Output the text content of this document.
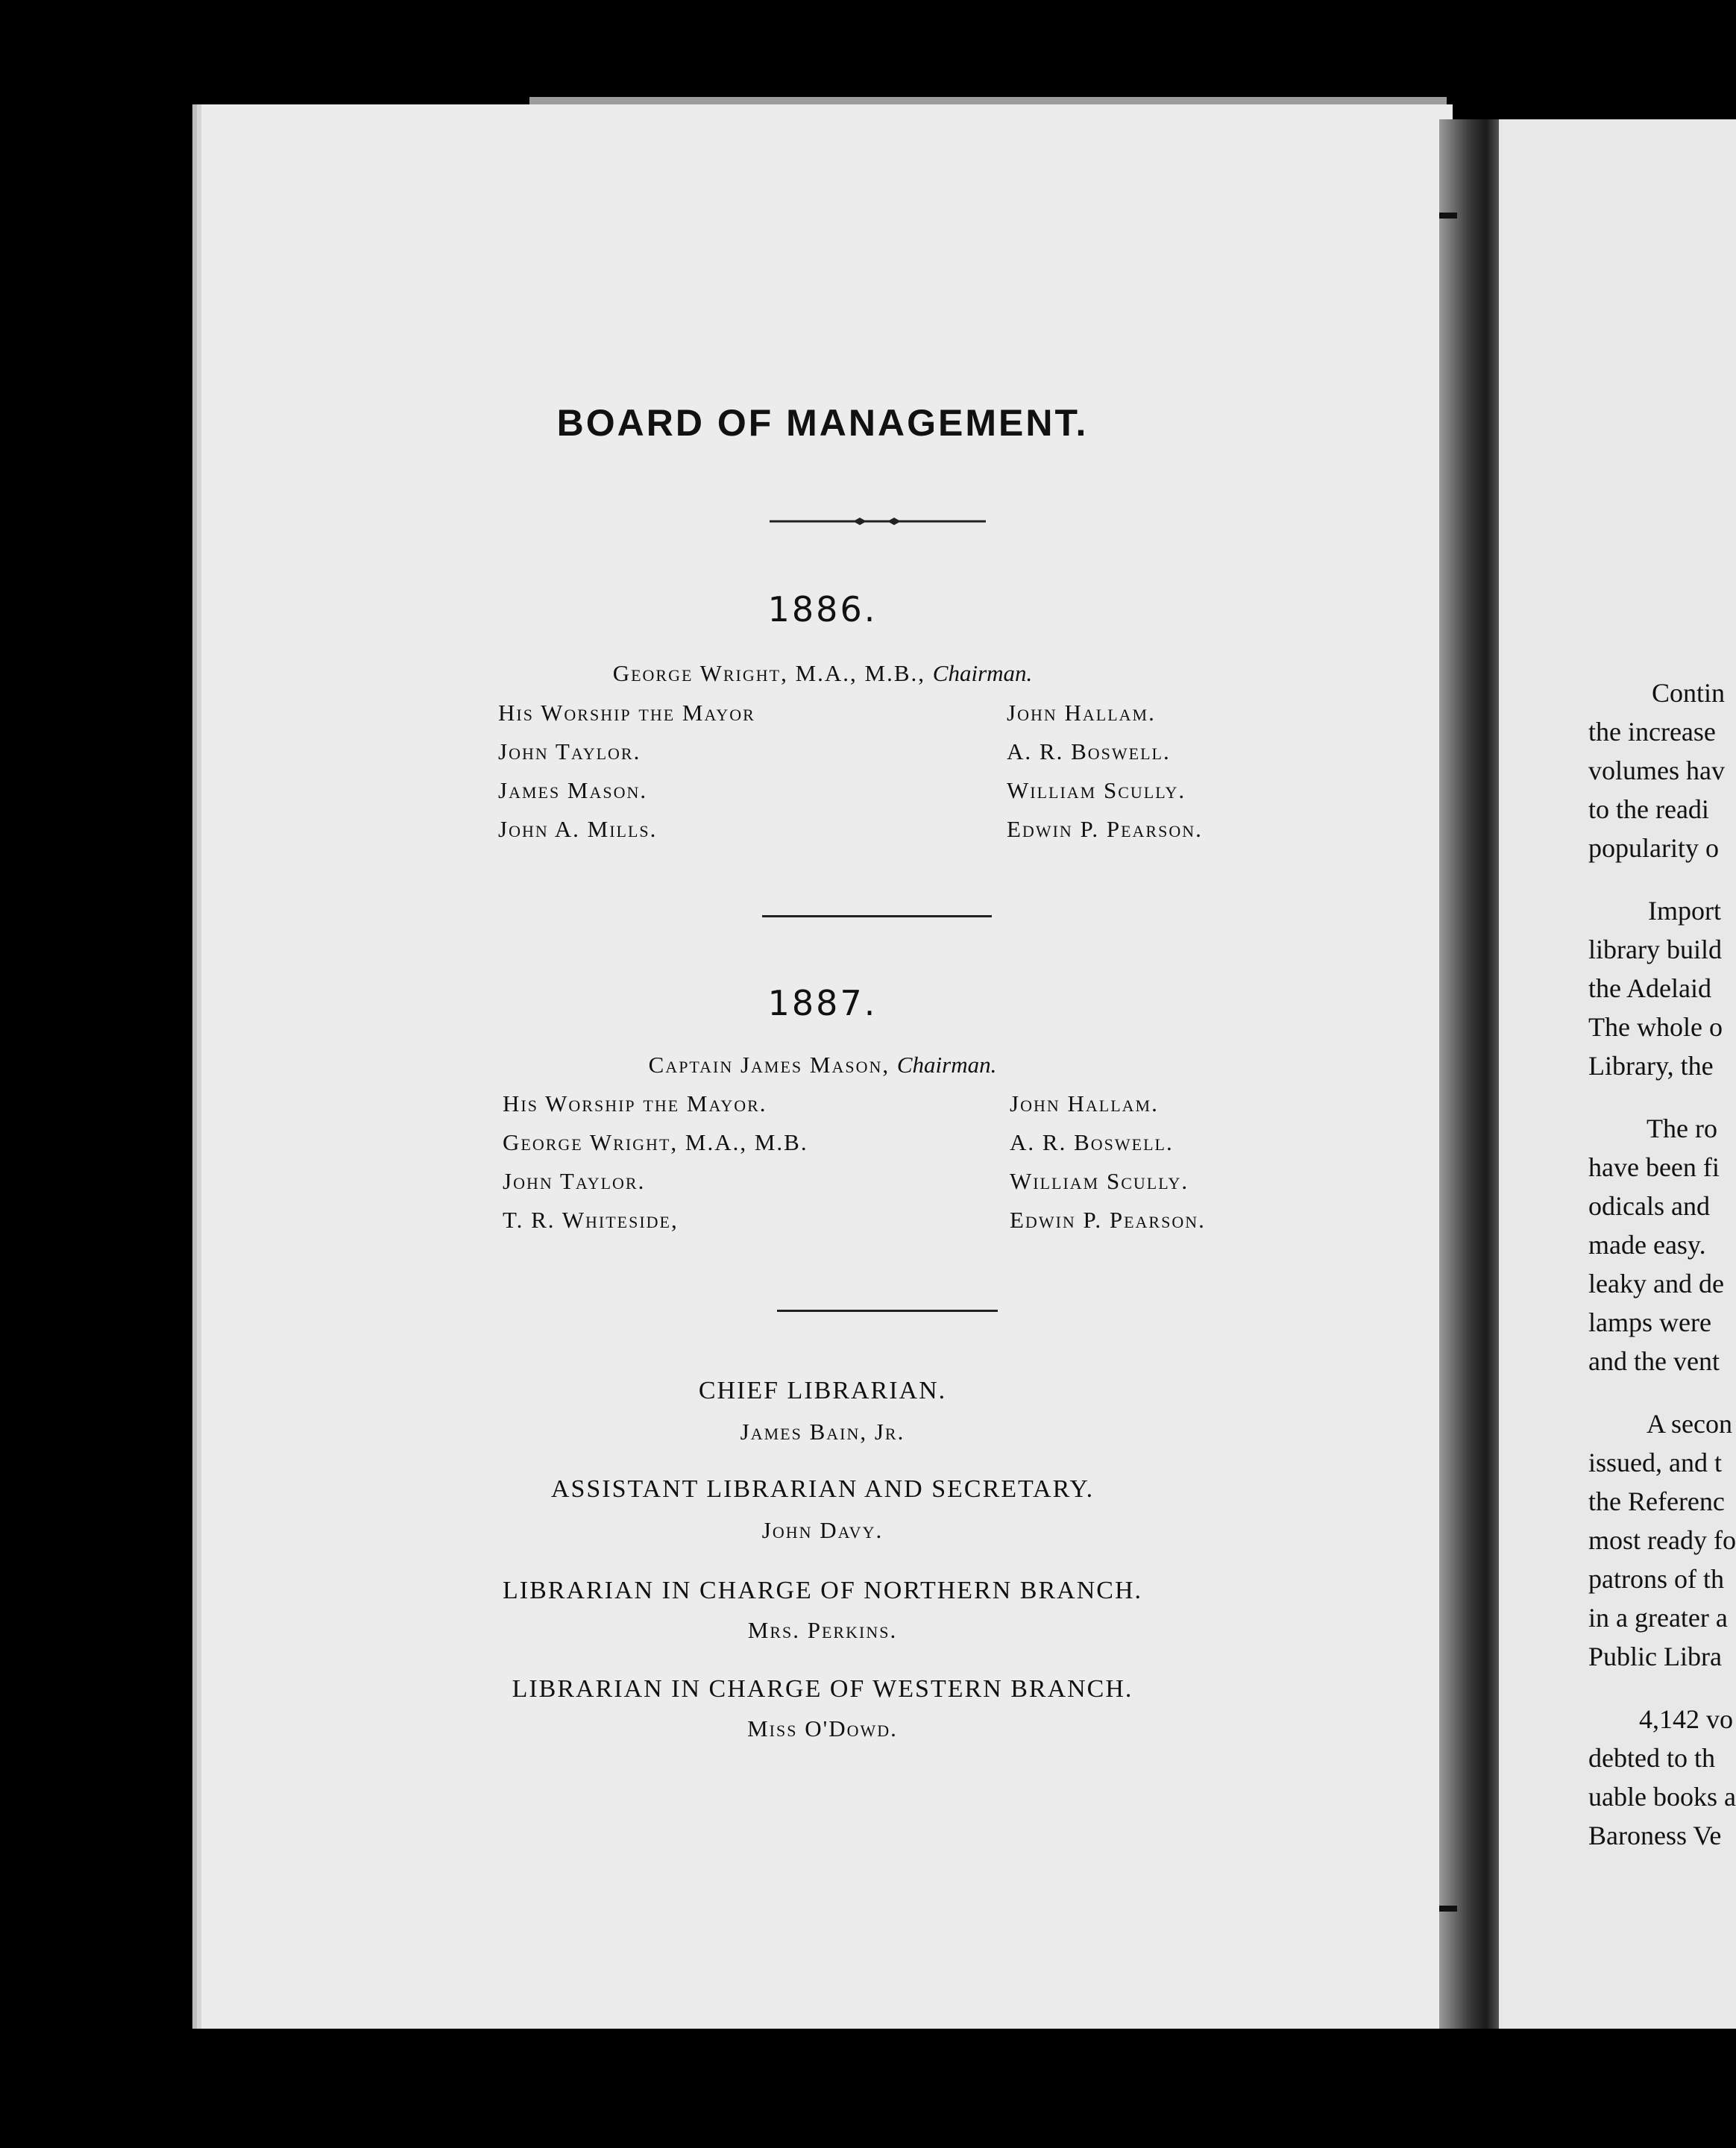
Contin
the increase
volumes hav
to the readi
popularity o
Import
library build
the Adelaid
The whole o
Library, the
The ro
have been fi
odicals and
made easy.
leaky and de
lamps were
and the vent
A secon
issued, and t
the Referenc
most ready fo
patrons of th
in a greater a
Public Libra
4,142 vo
debted to th
uable books a
Baroness Ve
BOARD OF MANAGEMENT.
1886.
George Wright, M.A., M.B., Chairman.
His Worship the Mayor
John Taylor.
James Mason.
John A. Mills.
John Hallam.
A. R. Boswell.
William Scully.
Edwin P. Pearson.
1887.
Captain James Mason, Chairman.
His Worship the Mayor.
George Wright, M.A., M.B.
John Taylor.
T. R. Whiteside,
John Hallam.
A. R. Boswell.
William Scully.
Edwin P. Pearson.
CHIEF LIBRARIAN.
James Bain, Jr.
ASSISTANT LIBRARIAN AND SECRETARY.
John Davy.
LIBRARIAN IN CHARGE OF NORTHERN BRANCH.
Mrs. Perkins.
LIBRARIAN IN CHARGE OF WESTERN BRANCH.
Miss O'Dowd.
